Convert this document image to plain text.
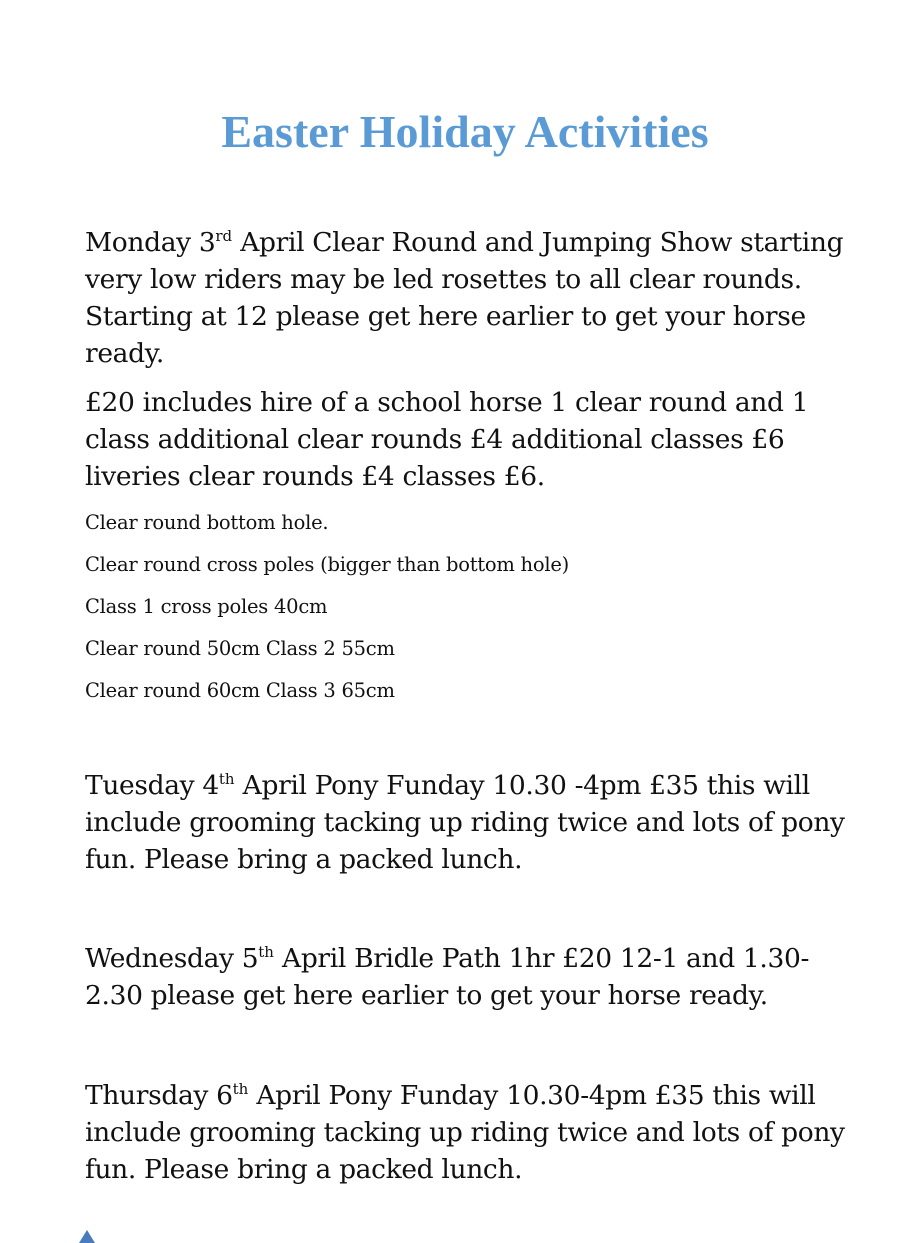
Easter Holiday Activities

Monday 3rd April Clear Round and Jumping Show starting very low riders may be led rosettes to all clear rounds. Starting at 12 please get here earlier to get your horse ready.

£20 includes hire of a school horse 1 clear round and 1 class additional clear rounds £4 additional classes £6 liveries clear rounds £4 classes £6.

Clear round bottom hole.

Clear round cross poles (bigger than bottom hole)

Class 1 cross poles 40cm

Clear round 50cm Class 2 55cm

Clear round 60cm Class 3 65cm

Tuesday 4th April Pony Funday 10.30 -4pm £35 this will include grooming tacking up riding twice and lots of pony fun. Please bring a packed lunch.

Wednesday 5th April Bridle Path 1hr £20 12-1 and 1.30-2.30 please get here earlier to get your horse ready.

Thursday 6th April Pony Funday 10.30-4pm £35 this will include grooming tacking up riding twice and lots of pony fun. Please bring a packed lunch.
